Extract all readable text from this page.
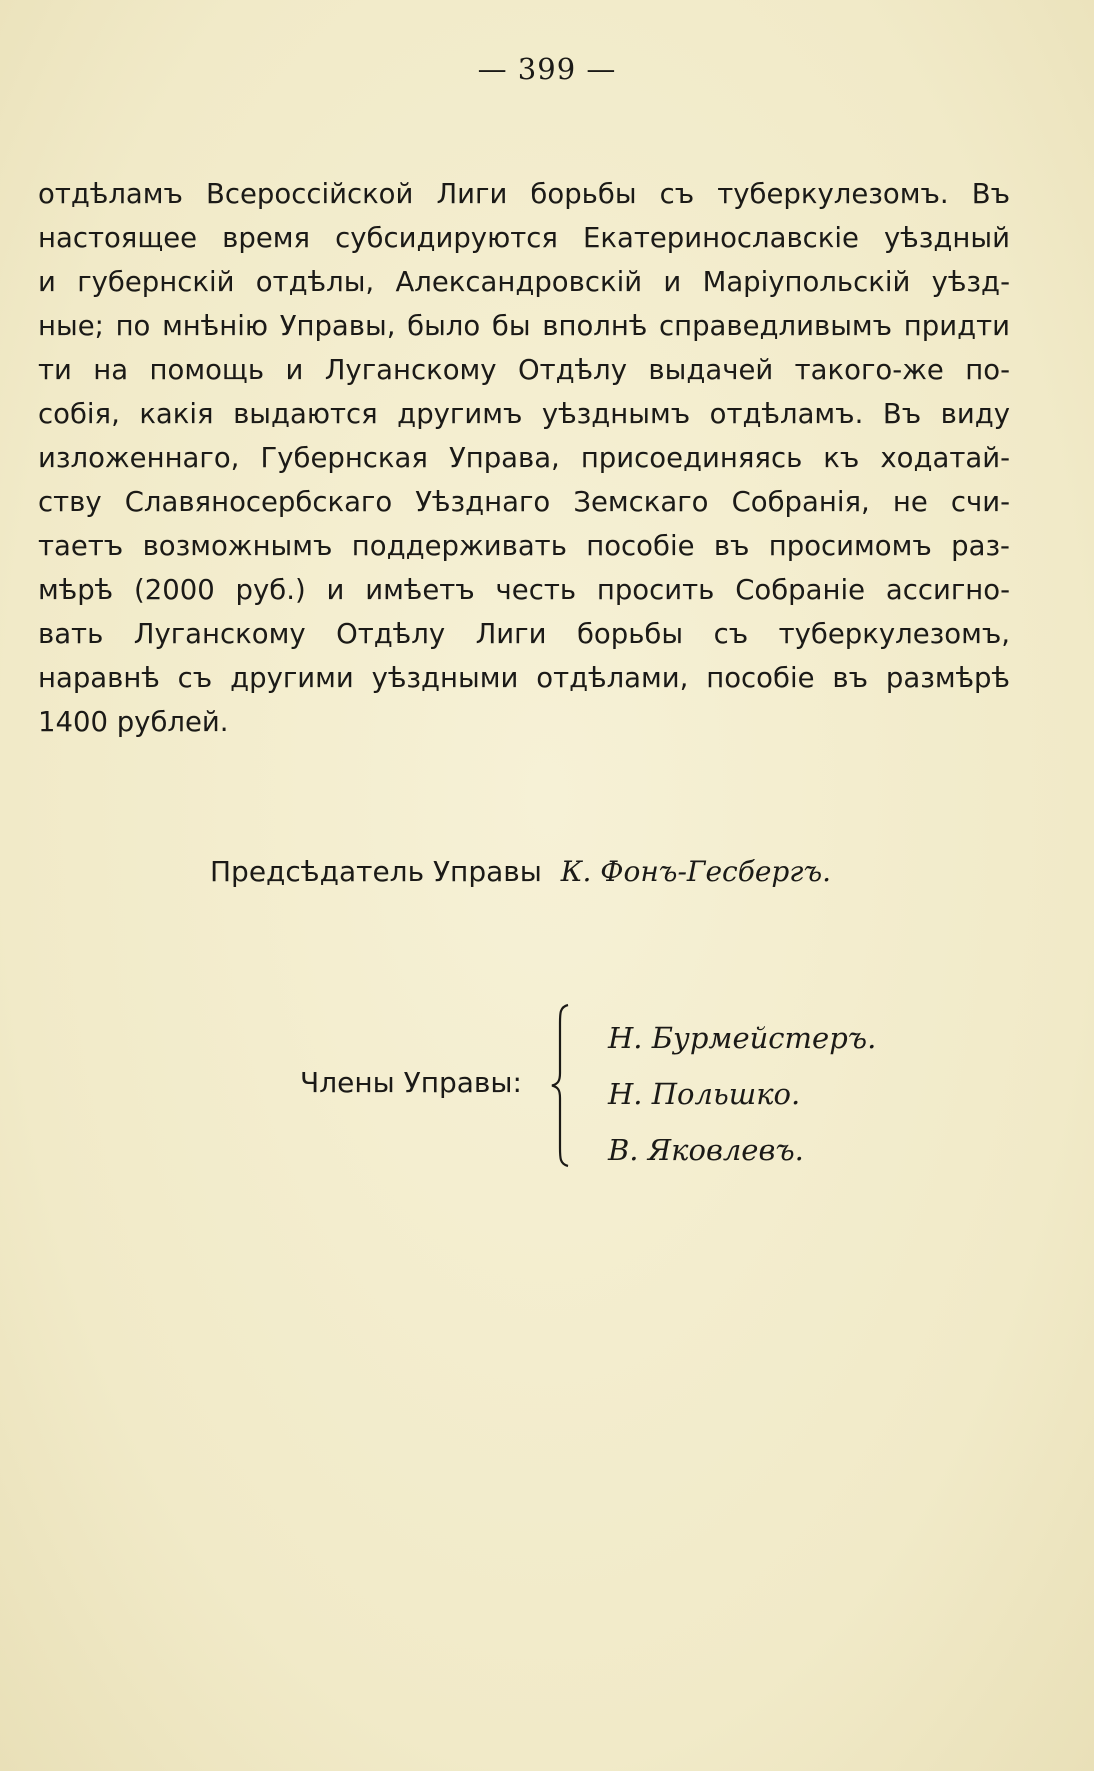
— 399 —

отдѣламъ Всероссійской Лиги борьбы съ туберкулезомъ. Въ
настоящее время субсидируются Екатеринославскіе уѣздный
и губернскій отдѣлы, Александровскій и Маріупольскій уѣзд-
ные; по мнѣнію Управы, было бы вполнѣ справедливымъ придти
ти на помощь и Луганскому Отдѣлу выдачей такого-же по-
собія, какія выдаются другимъ уѣзднымъ отдѣламъ. Въ виду
изложеннаго, Губернская Управа, присоединяясь къ ходатай-
ству Славяносербскаго Уѣзднаго Земскаго Собранія, не счи-
таетъ возможнымъ поддерживать пособіе въ просимомъ раз-
мѣрѣ (2000 руб.) и имѣетъ честь просить Собраніе ассигно-
вать Луганскому Отдѣлу Лиги борьбы съ туберкулезомъ,
наравнѣ съ другими уѣздными отдѣлами, пособіе въ размѣрѣ
1400 рублей.

Предсѣдатель Управы К. Фонъ-Гесбергъ.
Члены Управы:
Н. Бурмейстеръ.
Н. Польшко.
В. Яковлевъ.
